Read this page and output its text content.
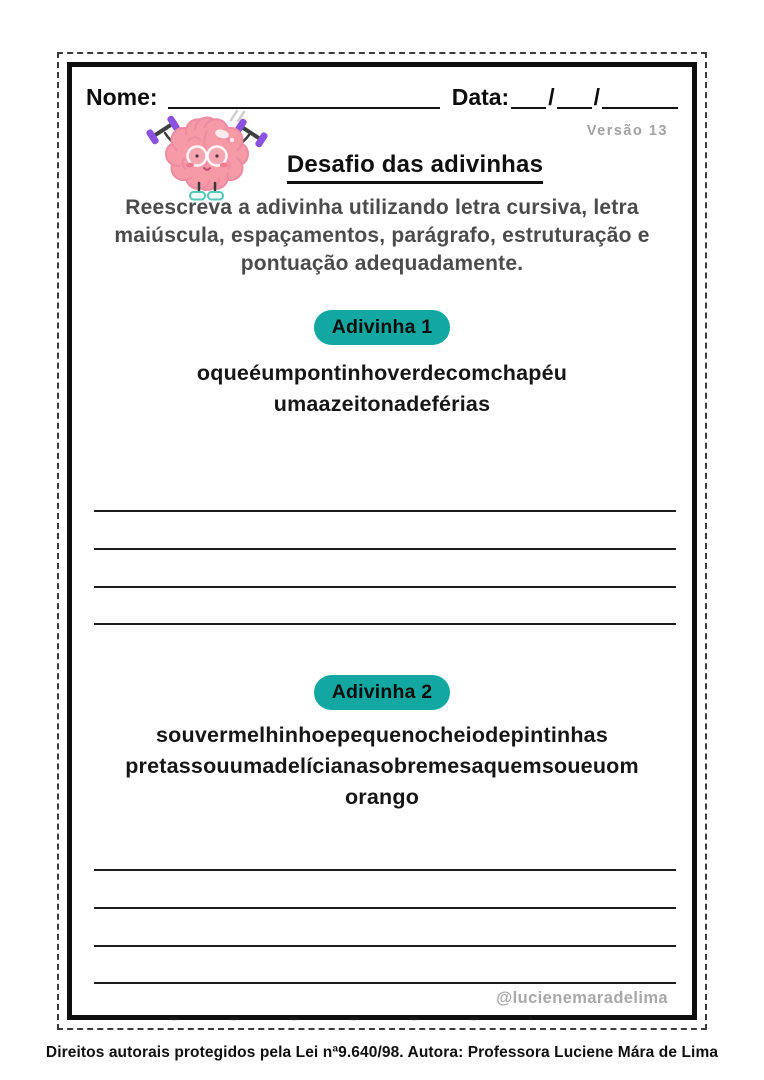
Nome:	Data: / /
Versão 13
Desafio das adivinhas
Reescreva a adivinha utilizando letra cursiva, letra
maiúscula, espaçamentos, parágrafo, estruturação e
pontuação adequadamente.
Adivinha 1
oqueéumpontinhoverdecomchapéu
umaazeitonadeférias
Adivinha 2
souvermelhinhoepequenocheiodepintinhas
pretassouumadelícianasobremesaquemsoueuom
orango
@lucienemaradelima
Direitos autorais protegidos pela Lei nª9.640/98. Autora: Professora Luciene Mára de Lima
